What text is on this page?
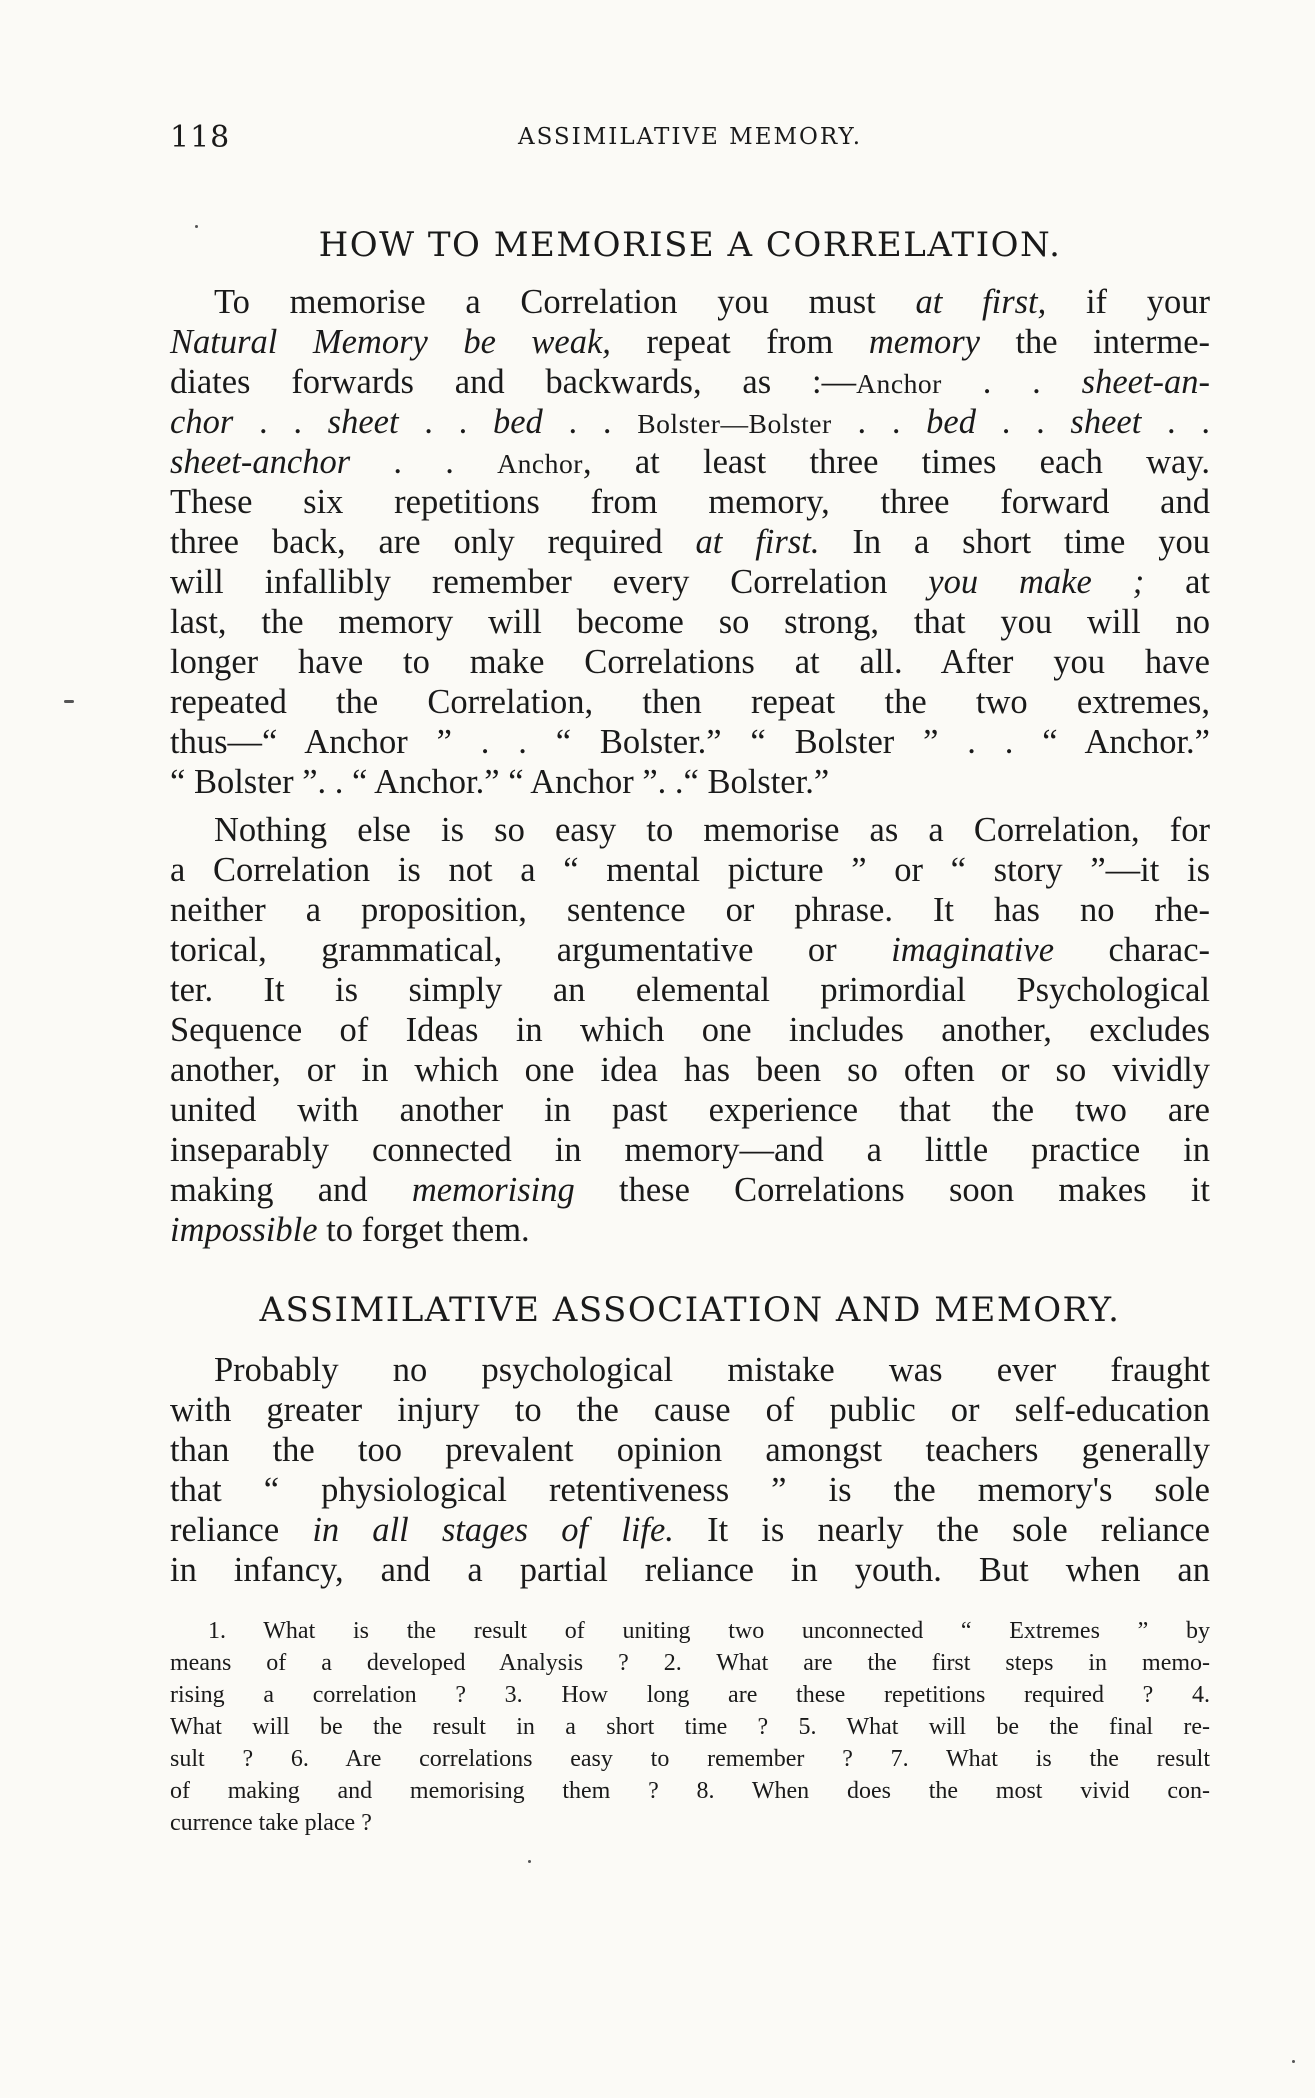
118	ASSIMILATIVE MEMORY.
HOW TO MEMORISE A CORRELATION.
To memorise a Correlation you must at first, if your
Natural Memory be weak, repeat from memory the interme-
diates forwards and backwards, as :—Anchor . . sheet-an-
chor . . sheet . . bed . . Bolster—Bolster . . bed . . sheet . .
sheet-anchor . . Anchor, at least three times each way.
These six repetitions from memory, three forward and
three back, are only required at first. In a short time you
will infallibly remember every Correlation you make ; at
last, the memory will become so strong, that you will no
longer have to make Correlations at all. After you have
repeated the Correlation, then repeat the two extremes,
thus—“ Anchor ” . . “ Bolster.” “ Bolster ” . . “ Anchor.”
“ Bolster ”. . “ Anchor.” “ Anchor ”. .“ Bolster.”
Nothing else is so easy to memorise as a Correlation, for
a Correlation is not a “ mental picture ” or “ story ”—it is
neither a proposition, sentence or phrase. It has no rhe-
torical, grammatical, argumentative or imaginative charac-
ter. It is simply an elemental primordial Psychological
Sequence of Ideas in which one includes another, excludes
another, or in which one idea has been so often or so vividly
united with another in past experience that the two are
inseparably connected in memory—and a little practice in
making and memorising these Correlations soon makes it
impossible to forget them.
ASSIMILATIVE ASSOCIATION AND MEMORY.
Probably no psychological mistake was ever fraught
with greater injury to the cause of public or self-education
than the too prevalent opinion amongst teachers generally
that “ physiological retentiveness ” is the memory's sole
reliance in all stages of life. It is nearly the sole reliance
in infancy, and a partial reliance in youth. But when an
1. What is the result of uniting two unconnected “ Extremes ” by
means of a developed Analysis ? 2. What are the first steps in memo-
rising a correlation ? 3. How long are these repetitions required ? 4.
What will be the result in a short time ? 5. What will be the final re-
sult ? 6. Are correlations easy to remember ? 7. What is the result
of making and memorising them ? 8. When does the most vivid con-
currence take place ?
